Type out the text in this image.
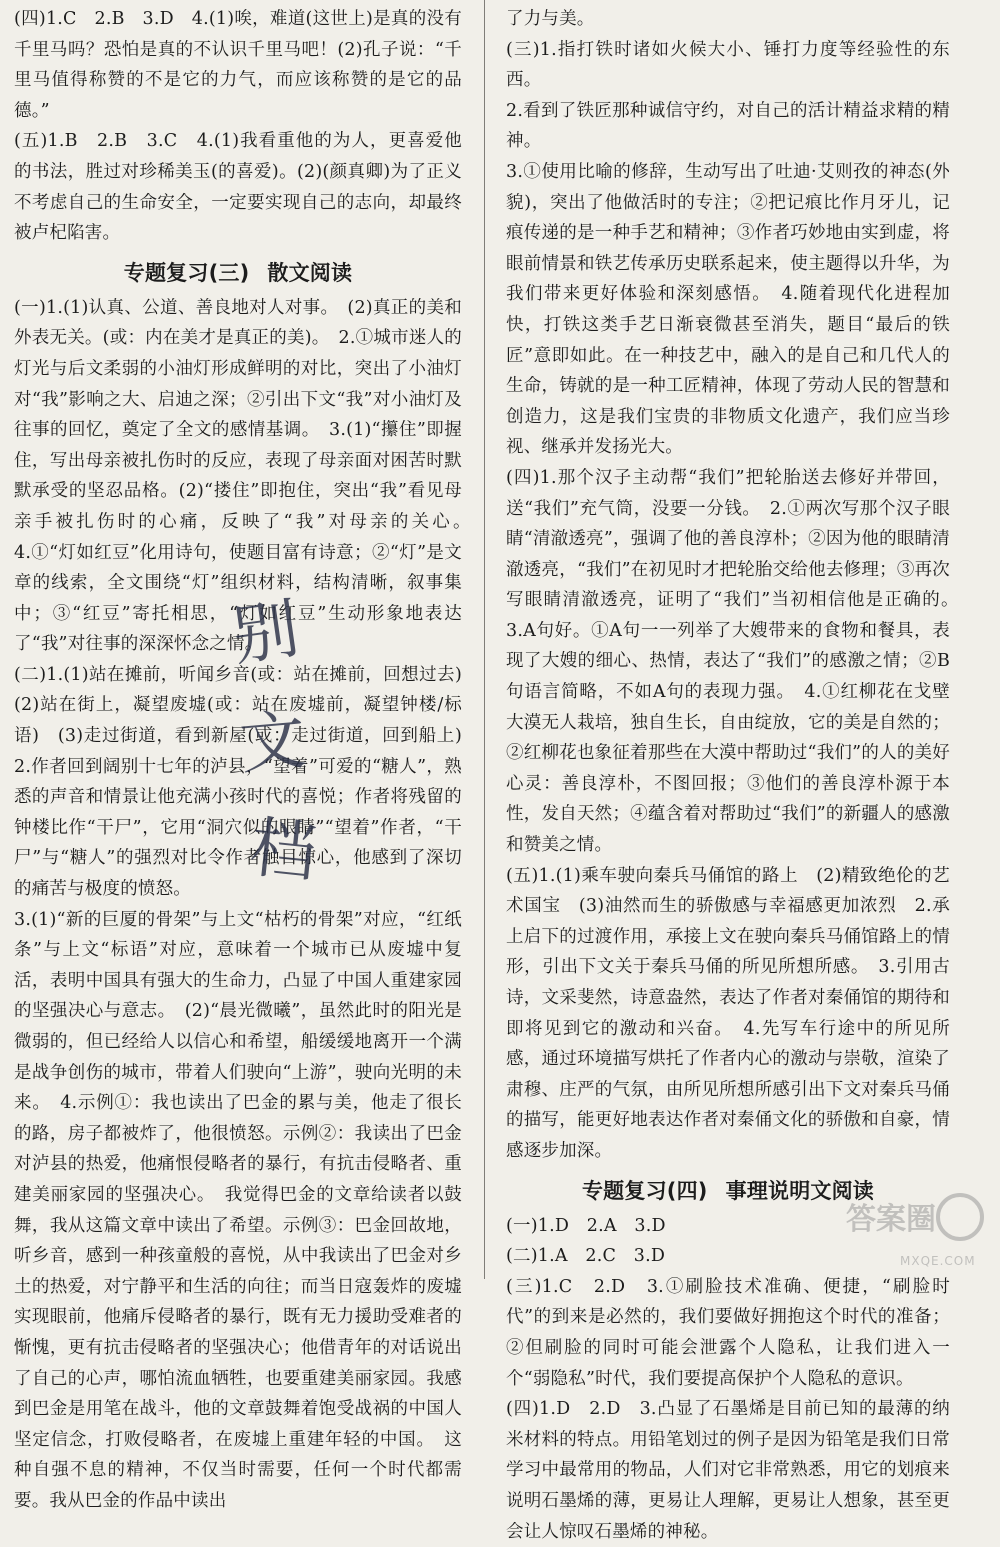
(四)1.C　2.B　3.D　4.(1)唉，难道(这世上)是真的没有千里马吗？恐怕是真的不认识千里马吧！(2)孔子说：“千里马值得称赞的不是它的力气，而应该称赞的是它的品德。”

(五)1.B　2.B　3.C　4.(1)我看重他的为人，更喜爱他的书法，胜过对珍稀美玉(的喜爱)。(2)(颜真卿)为了正义不考虑自己的生命安全，一定要实现自己的志向，却最终被卢杞陷害。

专题复习(三) 散文阅读

(一)1.(1)认真、公道、善良地对人对事。　(2)真正的美和外表无关。(或：内在美才是真正的美)。　2.①城市迷人的灯光与后文柔弱的小油灯形成鲜明的对比，突出了小油灯对“我”影响之大、启迪之深；②引出下文“我”对小油灯及往事的回忆，奠定了全文的感情基调。　3.(1)“攥住”即握住，写出母亲被扎伤时的反应，表现了母亲面对困苦时默默承受的坚忍品格。(2)“搂住”即抱住，突出“我”看见母亲手被扎伤时的心痛，反映了“我”对母亲的关心。　4.①“灯如红豆”化用诗句，使题目富有诗意；②“灯”是文章的线索，全文围绕“灯”组织材料，结构清晰，叙事集中；③“红豆”寄托相思，“灯如红豆”生动形象地表达了“我”对往事的深深怀念之情。

(二)1.(1)站在摊前，听闻乡音(或：站在摊前，回想过去)　(2)站在街上，凝望废墟(或：站在废墟前，凝望钟楼/标语)　(3)走过街道，看到新屋(或：走过街道，回到船上)　2.作者回到阔别十七年的泸县，“望着”可爱的“糖人”，熟悉的声音和情景让他充满小孩时代的喜悦；作者将残留的钟楼比作“干尸”，它用“洞穴似的眼睛”“望着”作者，“干尸”与“糖人”的强烈对比令作者触目惊心，他感到了深切的痛苦与极度的愤怒。

3.(1)“新的巨厦的骨架”与上文“枯朽的骨架”对应，“红纸条”与上文“标语”对应，意味着一个城市已从废墟中复活，表明中国具有强大的生命力，凸显了中国人重建家园的坚强决心与意志。　(2)“晨光微曦”，虽然此时的阳光是微弱的，但已经给人以信心和希望，船缓缓地离开一个满是战争创伤的城市，带着人们驶向“上游”，驶向光明的未来。　4.示例①：我也读出了巴金的累与美，他走了很长的路，房子都被炸了，他很愤怒。示例②：我读出了巴金对泸县的热爱，他痛恨侵略者的暴行，有抗击侵略者、重建美丽家园的坚强决心。　我觉得巴金的文章给读者以鼓舞，我从这篇文章中读出了希望。示例③：巴金回故地，听乡音，感到一种孩童般的喜悦，从中我读出了巴金对乡土的热爱，对宁静平和生活的向往；而当日寇轰炸的废墟实现眼前，他痛斥侵略者的暴行，既有无力援助受难者的惭愧，更有抗击侵略者的坚强决心；他借青年的对话说出了自己的心声，哪怕流血牺牲，也要重建美丽家园。我感到巴金是用笔在战斗，他的文章鼓舞着饱受战祸的中国人坚定信念，打败侵略者，在废墟上重建年轻的中国。　这种自强不息的精神，不仅当时需要，任何一个时代都需要。我从巴金的作品中读出

了力与美。

(三)1.指打铁时诸如火候大小、锤打力度等经验性的东西。

2.看到了铁匠那种诚信守约，对自己的活计精益求精的精神。

3.①使用比喻的修辞，生动写出了吐迪·艾则孜的神态(外貌)，突出了他做活时的专注；②把记痕比作月牙儿，记痕传递的是一种手艺和精神；③作者巧妙地由实到虚，将眼前情景和铁艺传承历史联系起来，使主题得以升华，为我们带来更好体验和深刻感悟。　4.随着现代化进程加快，打铁这类手艺日渐衰微甚至消失，题目“最后的铁匠”意即如此。在一种技艺中，融入的是自己和几代人的生命，铸就的是一种工匠精神，体现了劳动人民的智慧和创造力，这是我们宝贵的非物质文化遗产，我们应当珍视、继承并发扬光大。

(四)1.那个汉子主动帮“我们”把轮胎送去修好并带回，送“我们”充气筒，没要一分钱。　2.①两次写那个汉子眼睛“清澈透亮”，强调了他的善良淳朴；②因为他的眼睛清澈透亮，“我们”在初见时才把轮胎交给他去修理；③再次写眼睛清澈透亮，证明了“我们”当初相信他是正确的。　3.A句好。①A句一一列举了大嫂带来的食物和餐具，表现了大嫂的细心、热情，表达了“我们”的感激之情；②B句语言简略，不如A句的表现力强。　4.①红柳花在戈壁大漠无人栽培，独自生长，自由绽放，它的美是自然的；②红柳花也象征着那些在大漠中帮助过“我们”的人的美好心灵：善良淳朴，不图回报；③他们的善良淳朴源于本性，发自天然；④蕴含着对帮助过“我们”的新疆人的感激和赞美之情。

(五)1.(1)乘车驶向秦兵马俑馆的路上　(2)精致绝伦的艺术国宝　(3)油然而生的骄傲感与幸福感更加浓烈　2.承上启下的过渡作用，承接上文在驶向秦兵马俑馆路上的情形，引出下文关于秦兵马俑的所见所想所感。　3.引用古诗，文采斐然，诗意盎然，表达了作者对秦俑馆的期待和即将见到它的激动和兴奋。　4.先写车行途中的所见所感，通过环境描写烘托了作者内心的激动与崇敬，渲染了肃穆、庄严的气氛，由所见所想所感引出下文对秦兵马俑的描写，能更好地表达作者对秦俑文化的骄傲和自豪，情感逐步加深。

专题复习(四) 事理说明文阅读

(一)1.D　2.A　3.D

(二)1.A　2.C　3.D

(三)1.C　2.D　3.①刷脸技术准确、便捷，“刷脸时代”的到来是必然的，我们要做好拥抱这个时代的准备；②但刷脸的同时可能会泄露个人隐私，让我们进入一个“弱隐私”时代，我们要提高保护个人隐私的意识。

(四)1.D　2.D　3.凸显了石墨烯是目前已知的最薄的纳米材料的特点。用铅笔划过的例子是因为铅笔是我们日常学习中最常用的物品，人们对它非常熟悉，用它的划痕来说明石墨烯的薄，更易让人理解，更易让人想象，甚至更会让人惊叹石墨烯的神秘。

别
文
档
答案圈
MXQE.COM
